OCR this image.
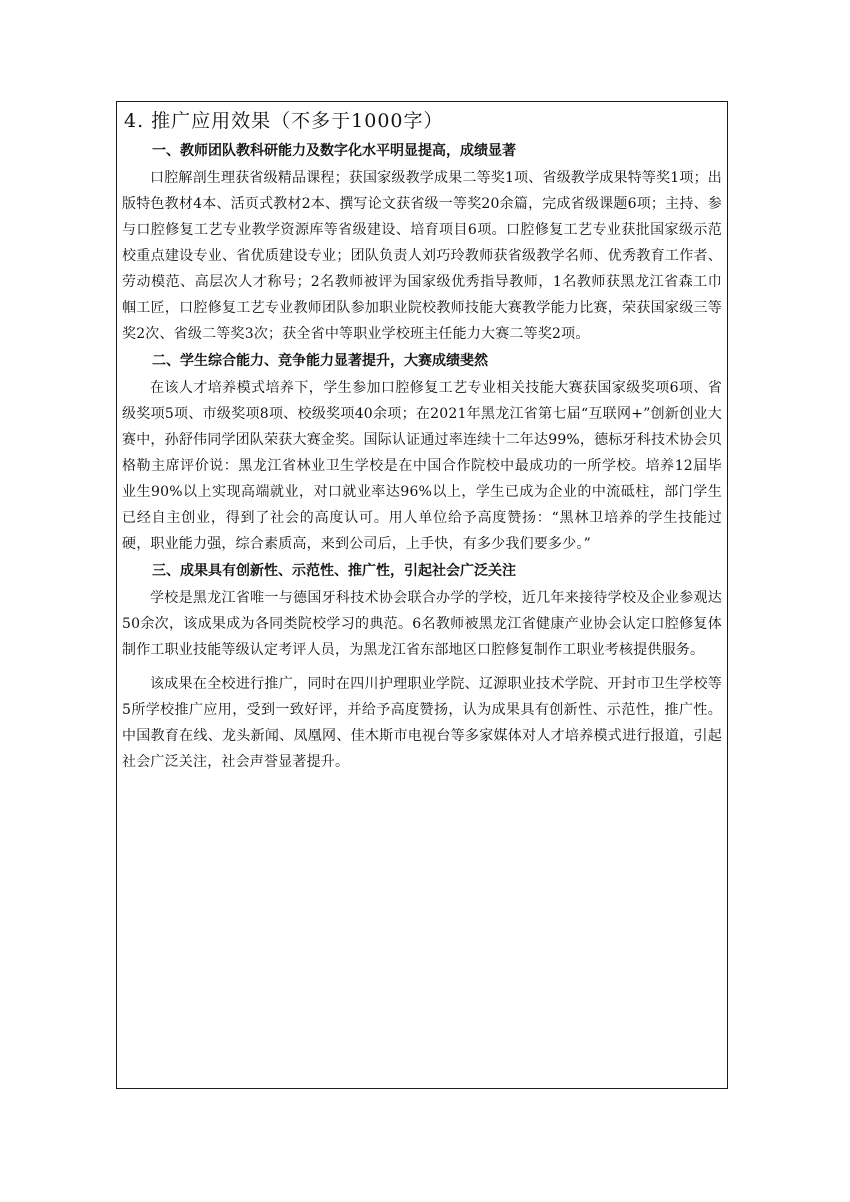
4. 推广应用效果（不多于1000字）
一、教师团队教科研能力及数字化水平明显提高，成绩显著

口腔解剖生理获省级精品课程；获国家级教学成果二等奖1项、省级教学成果特等奖1项；出版特色教材4本、活页式教材2本、撰写论文获省级一等奖20余篇，完成省级课题6项；主持、参与口腔修复工艺专业教学资源库等省级建设、培育项目6项。口腔修复工艺专业获批国家级示范校重点建设专业、省优质建设专业；团队负责人刘巧玲教师获省级教学名师、优秀教育工作者、劳动模范、高层次人才称号；2名教师被评为国家级优秀指导教师，1名教师获黑龙江省森工巾帼工匠，口腔修复工艺专业教师团队参加职业院校教师技能大赛教学能力比赛，荣获国家级三等奖2次、省级二等奖3次；获全省中等职业学校班主任能力大赛二等奖2项。

二、学生综合能力、竞争能力显著提升，大赛成绩斐然

在该人才培养模式培养下，学生参加口腔修复工艺专业相关技能大赛获国家级奖项6项、省级奖项5项、市级奖项8项、校级奖项40余项；在2021年黑龙江省第七届“互联网+”创新创业大赛中，孙舒伟同学团队荣获大赛金奖。国际认证通过率连续十二年达99%，德标牙科技术协会贝格勒主席评价说：黑龙江省林业卫生学校是在中国合作院校中最成功的一所学校。培养12届毕业生90%以上实现高端就业，对口就业率达96%以上，学生已成为企业的中流砥柱，部门学生已经自主创业，得到了社会的高度认可。用人单位给予高度赞扬：“黑林卫培养的学生技能过硬，职业能力强，综合素质高，来到公司后，上手快，有多少我们要多少。”

三、成果具有创新性、示范性、推广性，引起社会广泛关注

学校是黑龙江省唯一与德国牙科技术协会联合办学的学校，近几年来接待学校及企业参观达50余次，该成果成为各同类院校学习的典范。6名教师被黑龙江省健康产业协会认定口腔修复体制作工职业技能等级认定考评人员，为黑龙江省东部地区口腔修复制作工职业考核提供服务。

该成果在全校进行推广，同时在四川护理职业学院、辽源职业技术学院、开封市卫生学校等5所学校推广应用，受到一致好评，并给予高度赞扬，认为成果具有创新性、示范性，推广性。中国教育在线、龙头新闻、凤凰网、佳木斯市电视台等多家媒体对人才培养模式进行报道，引起社会广泛关注，社会声誉显著提升。
